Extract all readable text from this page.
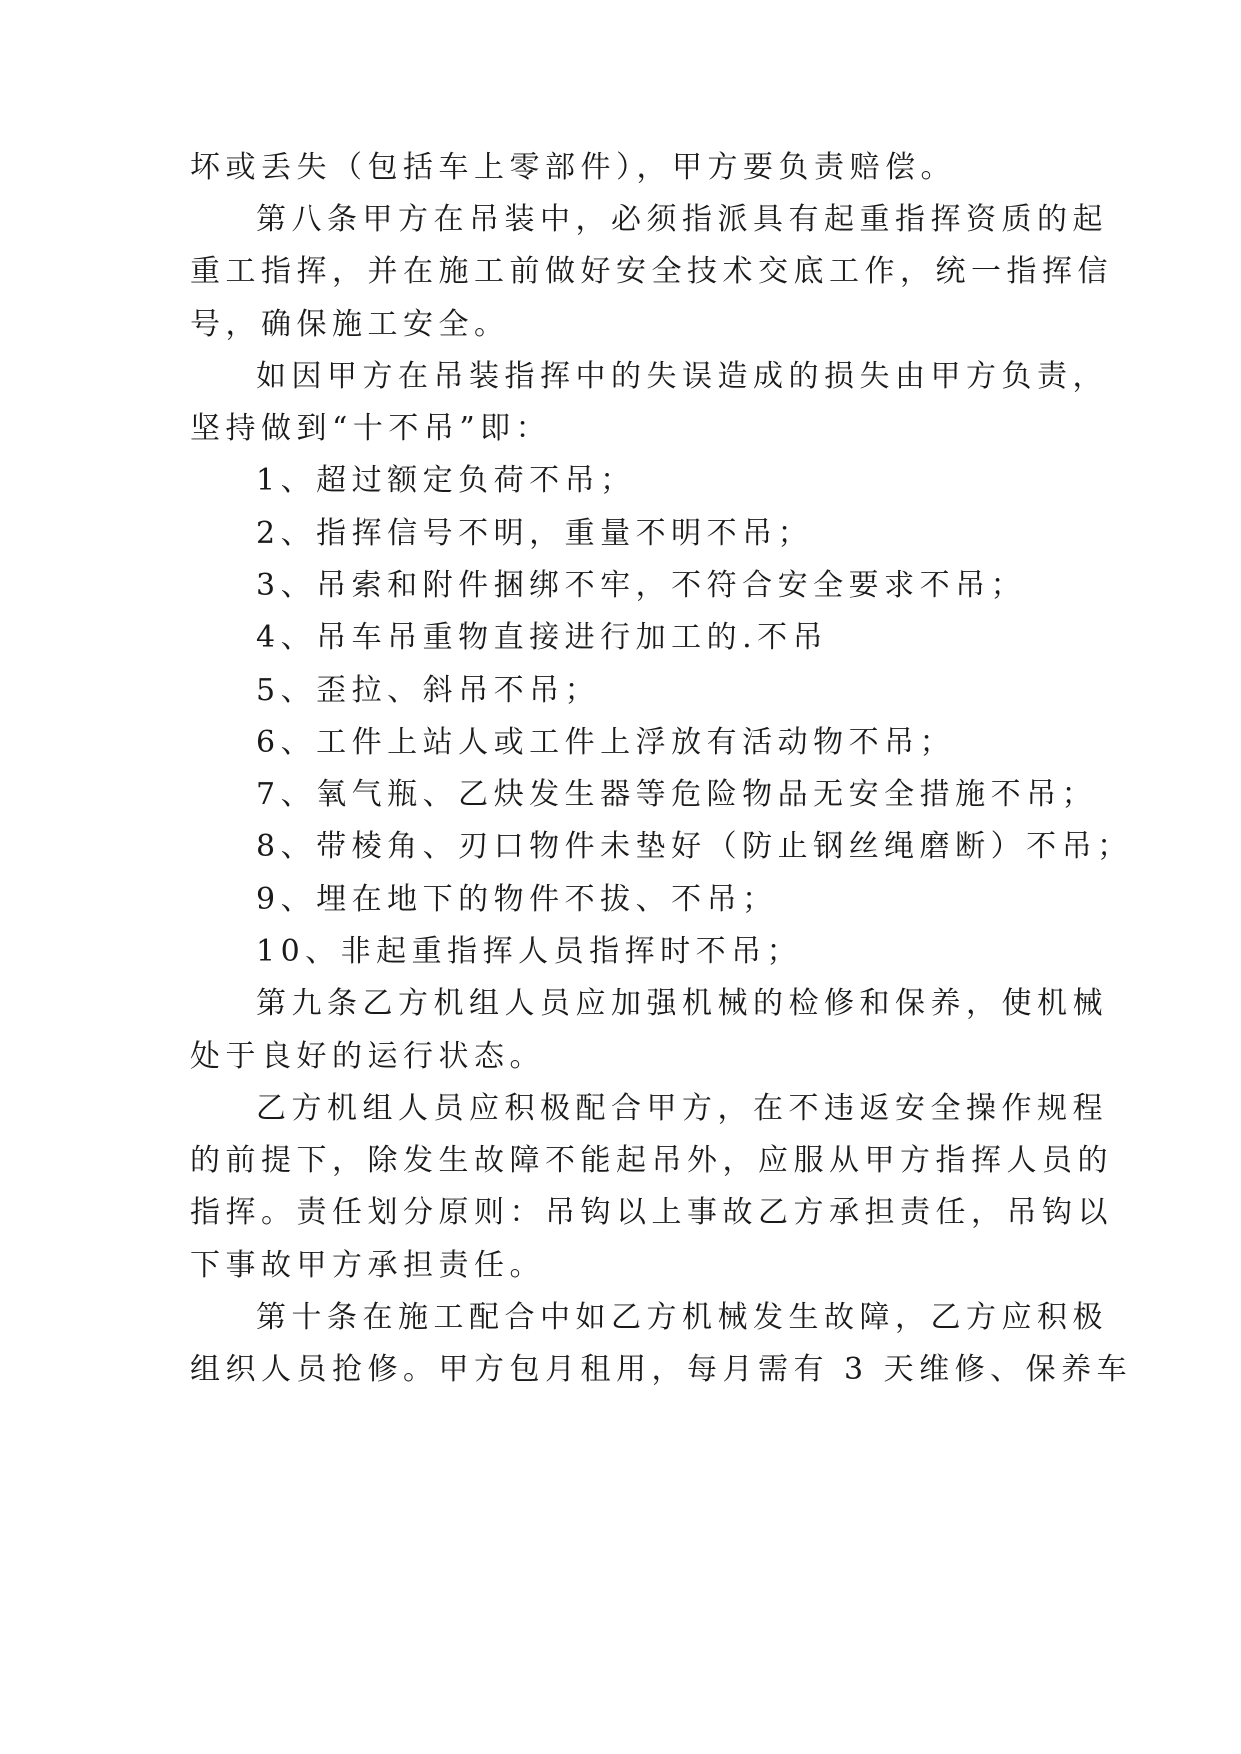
坏或丢失（包括车上零部件），甲方要负责赔偿。
第八条甲方在吊装中，必须指派具有起重指挥资质的起
重工指挥，并在施工前做好安全技术交底工作，统一指挥信
号，确保施工安全。
如因甲方在吊装指挥中的失误造成的损失由甲方负责，
坚持做到“十不吊”即：
1、超过额定负荷不吊；
2、指挥信号不明，重量不明不吊；
3、吊索和附件捆绑不牢，不符合安全要求不吊；
4、吊车吊重物直接进行加工的.不吊
5、歪拉、斜吊不吊；
6、工件上站人或工件上浮放有活动物不吊；
7、氧气瓶、乙炔发生器等危险物品无安全措施不吊；
8、带棱角、刃口物件未垫好（防止钢丝绳磨断）不吊；
9、埋在地下的物件不拔、不吊；
10、非起重指挥人员指挥时不吊；
第九条乙方机组人员应加强机械的检修和保养，使机械
处于良好的运行状态。
乙方机组人员应积极配合甲方，在不违返安全操作规程
的前提下，除发生故障不能起吊外，应服从甲方指挥人员的
指挥。责任划分原则：吊钩以上事故乙方承担责任，吊钩以
下事故甲方承担责任。
第十条在施工配合中如乙方机械发生故障，乙方应积极
组织人员抢修。甲方包月租用，每月需有 3 天维修、保养车
